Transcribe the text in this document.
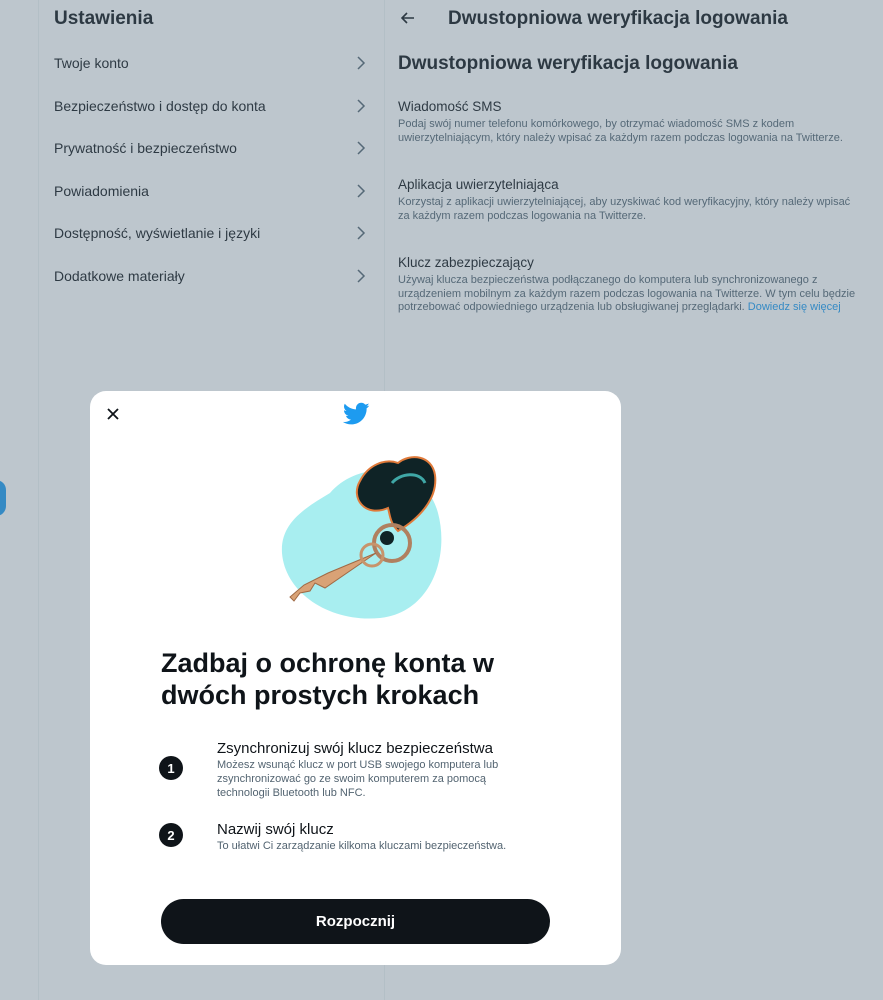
Ustawienia
Twoje konto
Bezpieczeństwo i dostęp do konta
Prywatność i bezpieczeństwo
Powiadomienia
Dostępność, wyświetlanie i języki
Dodatkowe materiały
Dwustopniowa weryfikacja logowania
Dwustopniowa weryfikacja logowania
Wiadomość SMS
Podaj swój numer telefonu komórkowego, by otrzymać wiadomość SMS z kodem
uwierzytelniającym, który należy wpisać za każdym razem podczas logowania na Twitterze.
Aplikacja uwierzytelniająca
Korzystaj z aplikacji uwierzytelniającej, aby uzyskiwać kod weryfikacyjny, który należy wpisać
za każdym razem podczas logowania na Twitterze.
Klucz zabezpieczający
Używaj klucza bezpieczeństwa podłączanego do komputera lub synchronizowanego z
urządzeniem mobilnym za każdym razem podczas logowania na Twitterze. W tym celu będzie
potrzebować odpowiedniego urządzenia lub obsługiwanej przeglądarki. Dowiedz się więcej
Zadbaj o ochronę konta w dwóch prostych krokach
1
Zsynchronizuj swój klucz bezpieczeństwa
Możesz wsunąć klucz w port USB swojego komputera lub
zsynchronizować go ze swoim komputerem za pomocą
technologii Bluetooth lub NFC.
2	Nazwij swój klucz
To ułatwi Ci zarządzanie kilkoma kluczami bezpieczeństwa.
Rozpocznij
